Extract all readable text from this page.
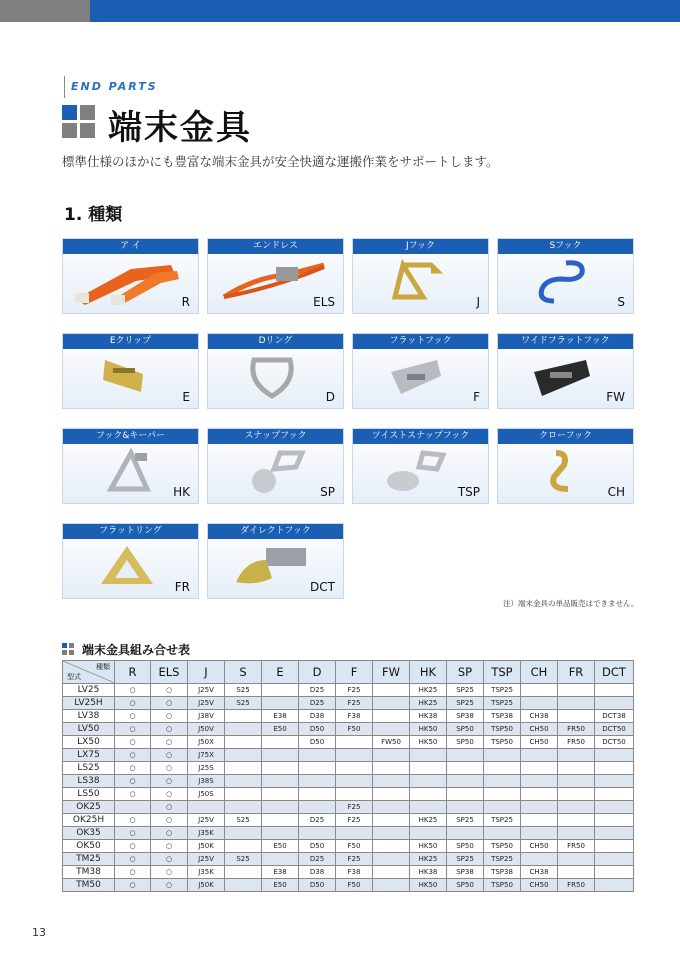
END PARTS
端末金具
標準仕様のほかにも豊富な端末金具が安全快適な運搬作業をサポートします。
1. 種類
ア イ
R
エンドレス
ELS
Jフック
J
Sフック
S
Eクリップ
E
Dリング
D
フラットフック
F
ワイドフラットフック
FW
フック&キーパー
HK
スナップフック
SP
ツイストスナップフック
TSP
クローフック
CH
フラットリング
FR
ダイレクトフック
DCT
注）端末金具の単品販売はできません。
端末金具組み合せ表
種類
型式	R	ELS	J	S	E	D	F	FW	HK	SP	TSP	CH	FR	DCT
LV25	○	○	J25V	S25		D25	F25		HK25	SP25	TSP25			
LV25H	○	○	J25V	S25		D25	F25		HK25	SP25	TSP25			
LV38	○	○	J38V		E38	D38	F38		HK38	SP38	TSP38	CH38		DCT38
LV50	○	○	J50V		E50	D50	F50		HK50	SP50	TSP50	CH50	FR50	DCT50
LX50	○	○	J50X			D50		FW50	HK50	SP50	TSP50	CH50	FR50	DCT50
LX75	○	○	J75X											
LS25	○	○	J25S											
LS38	○	○	J38S											
LS50	○	○	J50S											
OK25		○					F25							
OK25H	○	○	J25V	S25		D25	F25		HK25	SP25	TSP25			
OK35	○	○	J35K											
OK50	○	○	J50K		E50	D50	F50		HK50	SP50	TSP50	CH50	FR50	
TM25	○	○	J25V	S25		D25	F25		HK25	SP25	TSP25			
TM38	○	○	J35K		E38	D38	F38		HK38	SP38	TSP38	CH38		
TM50	○	○	J50K		E50	D50	F50		HK50	SP50	TSP50	CH50	FR50	
13
